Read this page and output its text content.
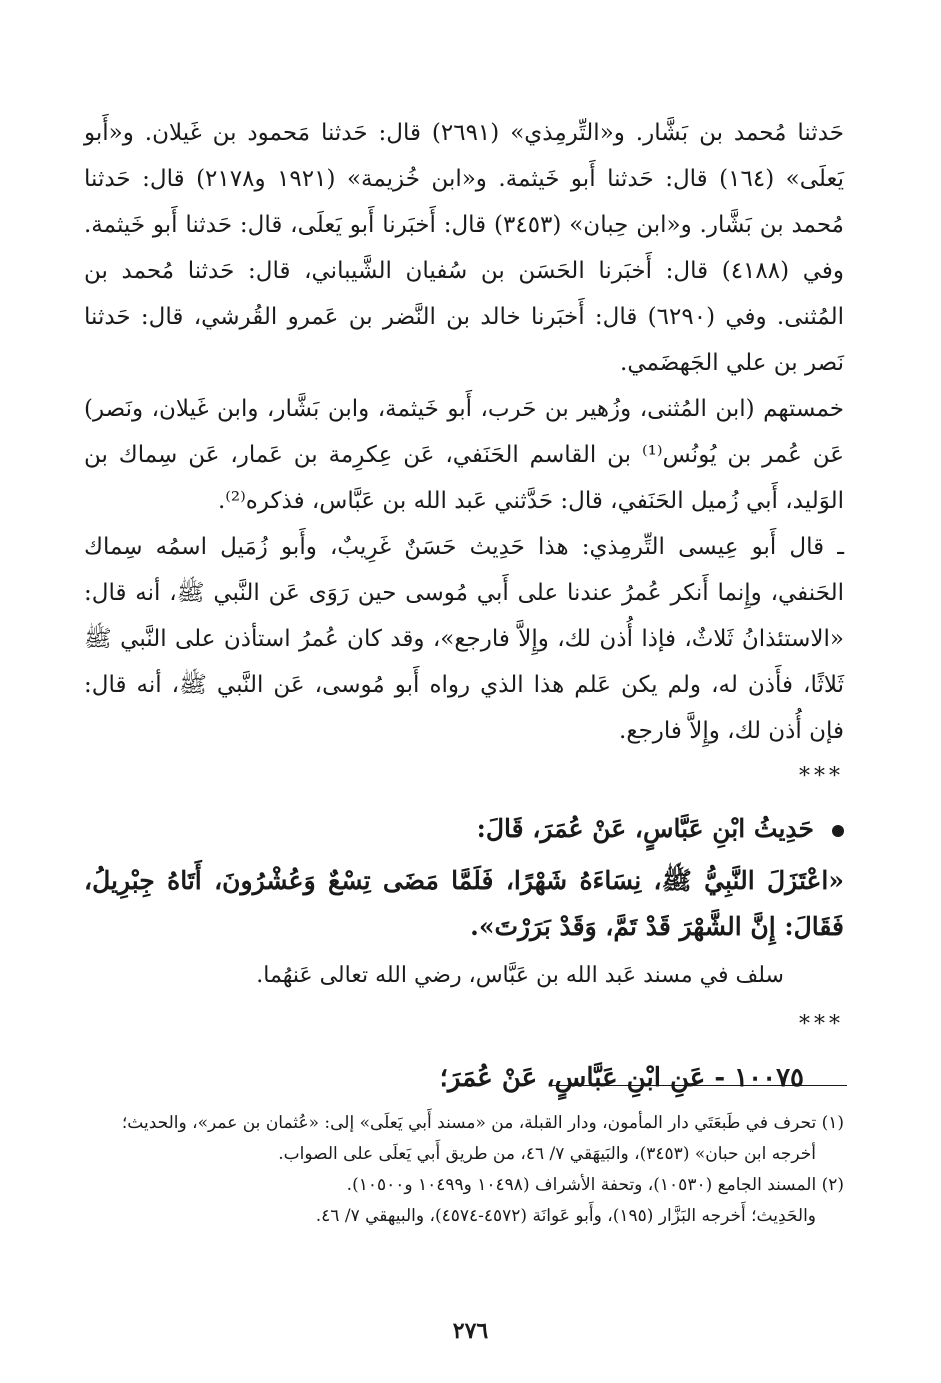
حَدثنا مُحمد بن بَشَّار. و«التِّرمِذي» (٢٦٩١) قال: حَدثنا مَحمود بن غَيلان. و«أَبو يَعلَى» (١٦٤) قال: حَدثنا أَبو خَيثمة. و«ابن خُزيمة» (١٩٢١ و٢١٧٨) قال: حَدثنا مُحمد بن بَشَّار. و«ابن حِبان» (٣٤٥٣) قال: أَخبَرنا أَبو يَعلَى، قال: حَدثنا أَبو خَيثمة. وفي (٤١٨٨) قال: أَخبَرنا الحَسَن بن سُفيان الشَّيباني، قال: حَدثنا مُحمد بن المُثنى. وفي (٦٢٩٠) قال: أَخبَرنا خالد بن النَّضر بن عَمرو القُرشي، قال: حَدثنا نَصر بن علي الجَهضَمي.

خمستهم (ابن المُثنى، وزُهير بن حَرب، أَبو خَيثمة، وابن بَشَّار، وابن غَيلان، ونَصر) عَن عُمر بن يُونُس⁽¹⁾ بن القاسم الحَنَفي، عَن عِكرِمة بن عَمار، عَن سِماك بن الوَليد، أَبي زُميل الحَنَفي، قال: حَدَّثني عَبد الله بن عَبَّاس، فذكره⁽²⁾.

ـ قال أَبو عِيسى التِّرمِذي: هذا حَدِيث حَسَنٌ غَرِيبٌ، وأَبو زُمَيل اسمُه سِماك الحَنفي، وإِنما أَنكر عُمرُ عندنا على أَبي مُوسى حين رَوَى عَن النَّبي ﷺ، أنه قال: «الاستئذانُ ثَلاثٌ، فإذا أُذن لك، وإِلاَّ فارجع»، وقد كان عُمرُ استأذن على النَّبي ﷺ ثَلاثًا، فأَذن له، ولم يكن عَلم هذا الذي رواه أَبو مُوسى، عَن النَّبي ﷺ، أنه قال: فإن أُذن لك، وإِلاَّ فارجع.

***
حَدِيثُ ابْنِ عَبَّاسٍ، عَنْ عُمَرَ، قَالَ:
«اعْتَزَلَ النَّبِيُّ ﷺ، نِسَاءَهُ شَهْرًا، فَلَمَّا مَضَى تِسْعٌ وَعُشْرُونَ، أَتَاهُ جِبْرِيلُ، فَقَالَ: إِنَّ الشَّهْرَ قَدْ تَمَّ، وَقَدْ بَرَرْتَ».
سلف في مسند عَبد الله بن عَبَّاس، رضي الله تعالى عَنهُما.
***
١٠٠٧٥ - عَنِ ابْنِ عَبَّاسٍ، عَنْ عُمَرَ؛
(١) تحرف في طَبعَتَي دار المأمون، ودار القبلة، من «مسند أَبي يَعلَى» إلى: «عُثمان بن عمر»، والحديث؛
أخرجه ابن حبان» (٣٤٥٣)، والبَيهَقي ٧/ ٤٦، من طريق أَبي يَعلَى على الصواب.
(٢) المسند الجامع (١٠٥٣٠)، وتحفة الأشراف (١٠٤٩٨ و١٠٤٩٩ و١٠٥٠٠).
والحَدِيث؛ أَخرجه البَزَّار (١٩٥)، وأَبو عَوانَة (٤٥٧٢-٤٥٧٤)، والبيهقي ٧/ ٤٦.
٢٧٦
